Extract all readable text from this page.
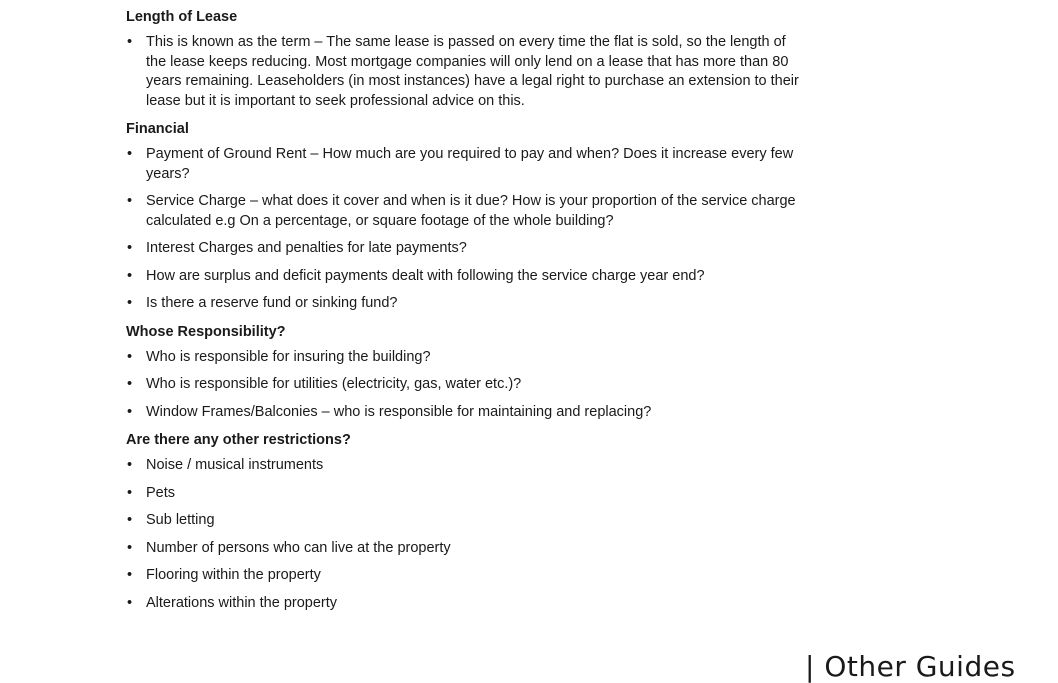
Length of Lease
• This is known as the term – The same lease is passed on every time the flat is sold, so the length of the lease keeps reducing. Most mortgage companies will only lend on a lease that has more than 80 years remaining. Leaseholders (in most instances) have a legal right to purchase an extension to their lease but it is important to seek professional advice on this.
Financial
• Payment of Ground Rent – How much are you required to pay and when? Does it increase every few years?
• Service Charge – what does it cover and when is it due? How is your proportion of the service charge calculated e.g On a percentage, or square footage of the whole building?
• Interest Charges and penalties for late payments?
• How are surplus and deficit payments dealt with following the service charge year end?
• Is there a reserve fund or sinking fund?
Whose Responsibility?
• Who is responsible for insuring the building?
• Who is responsible for utilities (electricity, gas, water etc.)?
• Window Frames/Balconies – who is responsible for maintaining and replacing?
Are there any other restrictions?
• Noise / musical instruments
• Pets
• Sub letting
• Number of persons who can live at the property
• Flooring within the property
• Alterations within the property
| Other Guides
